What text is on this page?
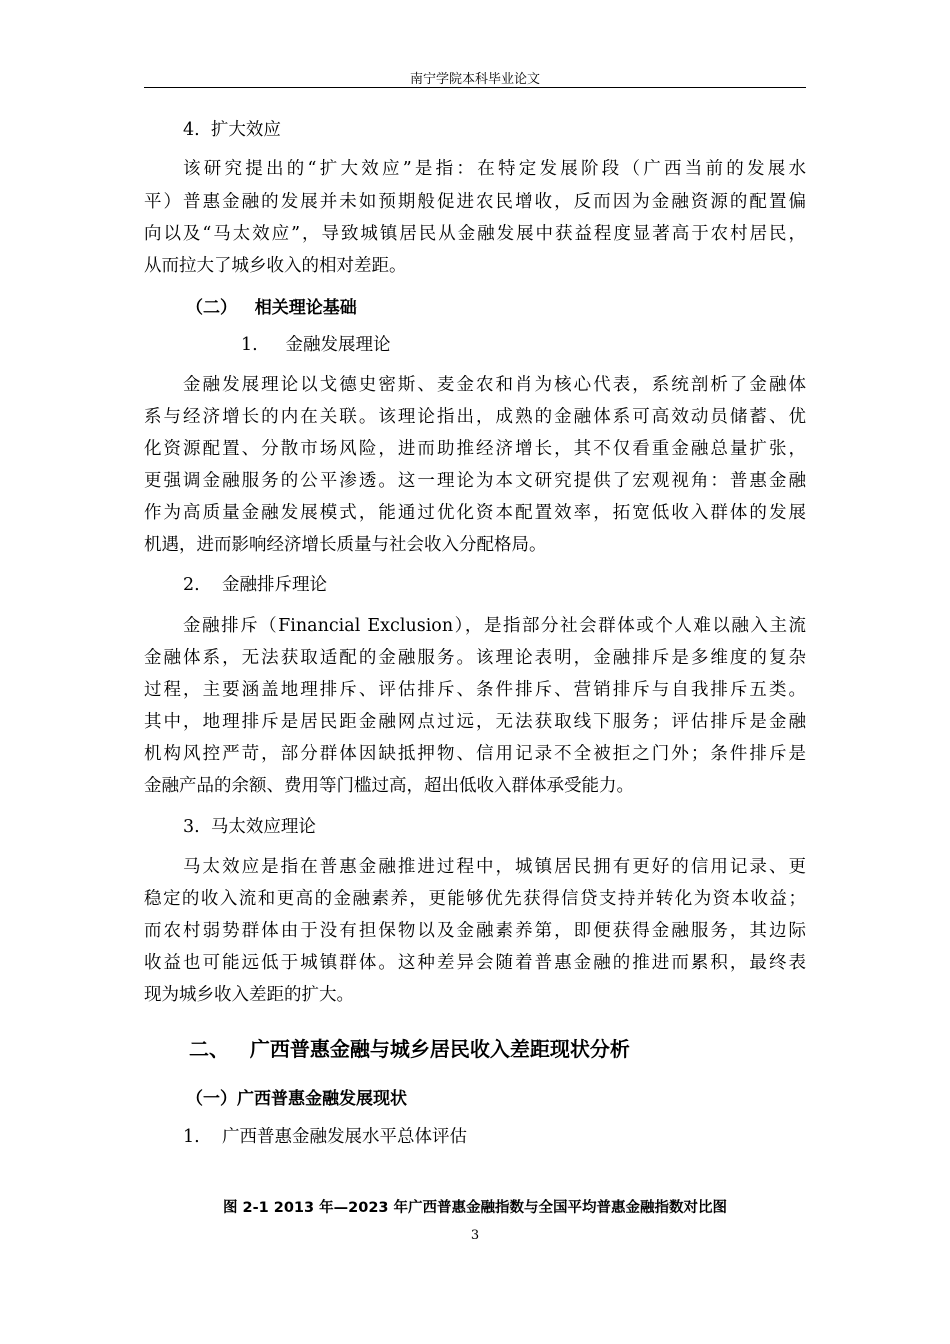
南宁学院本科毕业论文
4. 扩大效应
该研究提出的“扩大效应”是指：在特定发展阶段（广西当前的发展水
平）普惠金融的发展并未如预期般促进农民增收，反而因为金融资源的配置偏
向以及“马太效应”，导致城镇居民从金融发展中获益程度显著高于农村居民，
从而拉大了城乡收入的相对差距。
（二） 相关理论基础
1. 金融发展理论
金融发展理论以戈德史密斯、麦金农和肖为核心代表，系统剖析了金融体
系与经济增长的内在关联。该理论指出，成熟的金融体系可高效动员储蓄、优
化资源配置、分散市场风险，进而助推经济增长，其不仅看重金融总量扩张，
更强调金融服务的公平渗透。这一理论为本文研究提供了宏观视角：普惠金融
作为高质量金融发展模式，能通过优化资本配置效率，拓宽低收入群体的发展
机遇，进而影响经济增长质量与社会收入分配格局。
2. 金融排斥理论
金融排斥（Financial Exclusion），是指部分社会群体或个人难以融入主流
金融体系，无法获取适配的金融服务。该理论表明，金融排斥是多维度的复杂
过程，主要涵盖地理排斥、评估排斥、条件排斥、营销排斥与自我排斥五类。
其中，地理排斥是居民距金融网点过远，无法获取线下服务；评估排斥是金融
机构风控严苛，部分群体因缺抵押物、信用记录不全被拒之门外；条件排斥是
金融产品的余额、费用等门槛过高，超出低收入群体承受能力。
3. 马太效应理论
马太效应是指在普惠金融推进过程中，城镇居民拥有更好的信用记录、更
稳定的收入流和更高的金融素养，更能够优先获得信贷支持并转化为资本收益；
而农村弱势群体由于没有担保物以及金融素养第，即便获得金融服务，其边际
收益也可能远低于城镇群体。这种差异会随着普惠金融的推进而累积，最终表
现为城乡收入差距的扩大。
二、 广西普惠金融与城乡居民收入差距现状分析
（一）广西普惠金融发展现状
1. 广西普惠金融发展水平总体评估
图 2-1 2013 年—2023 年广西普惠金融指数与全国平均普惠金融指数对比图
3
